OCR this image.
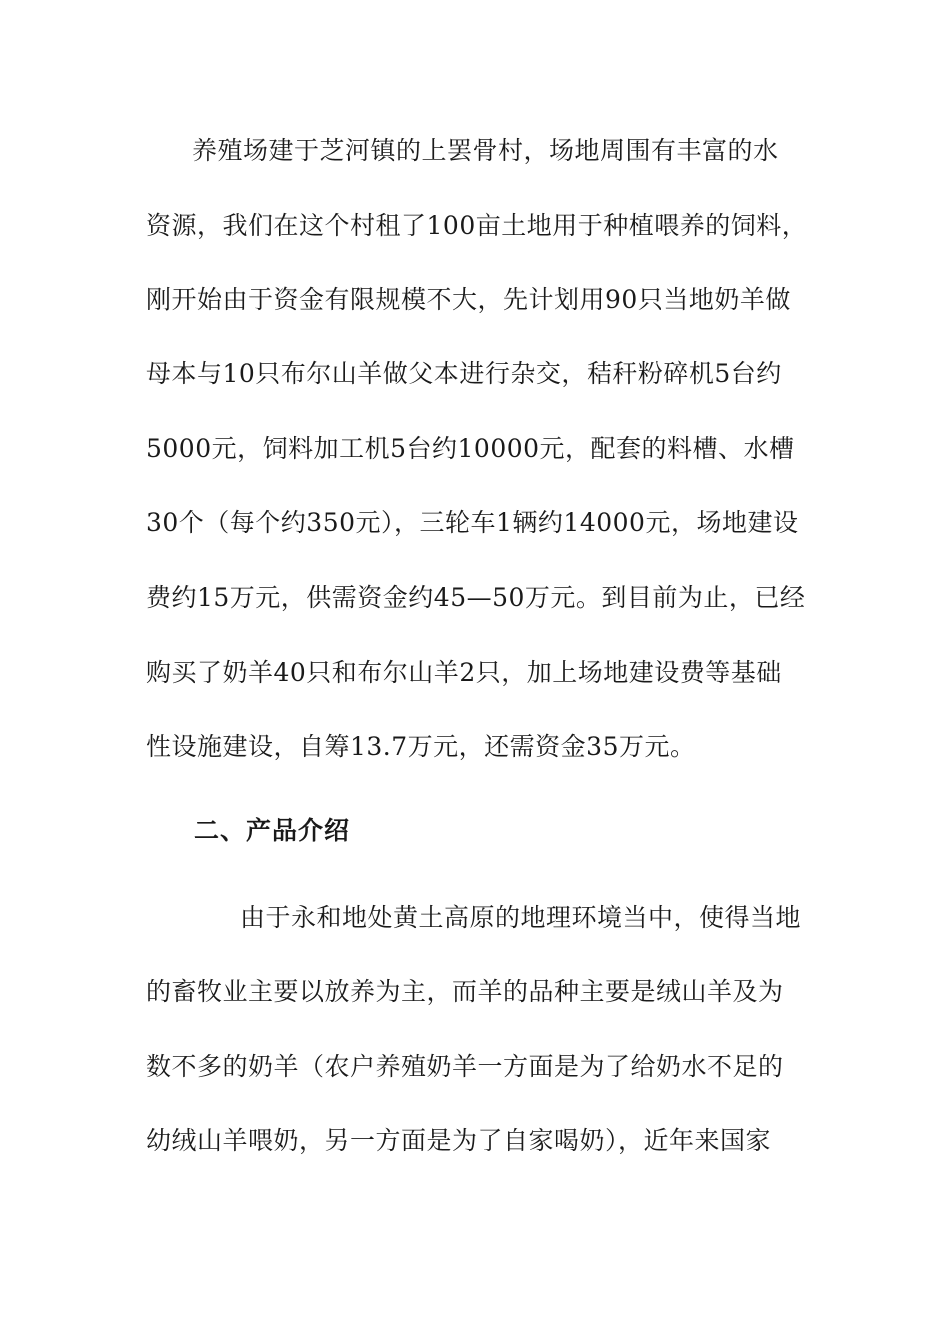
养殖场建于芝河镇的上罢骨村，场地周围有丰富的水
资源，我们在这个村租了100亩土地用于种植喂养的饲料，
刚开始由于资金有限规模不大，先计划用90只当地奶羊做
母本与10只布尔山羊做父本进行杂交，秸秆粉碎机5台约
5000元，饲料加工机5台约10000元，配套的料槽、水槽
30个（每个约350元），三轮车1辆约14000元，场地建设
费约15万元，供需资金约45—50万元。到目前为止，已经
购买了奶羊40只和布尔山羊2只，加上场地建设费等基础
性设施建设，自筹13.7万元，还需资金35万元。
二、产品介绍
由于永和地处黄土高原的地理环境当中，使得当地
的畜牧业主要以放养为主，而羊的品种主要是绒山羊及为
数不多的奶羊（农户养殖奶羊一方面是为了给奶水不足的
幼绒山羊喂奶，另一方面是为了自家喝奶），近年来国家
